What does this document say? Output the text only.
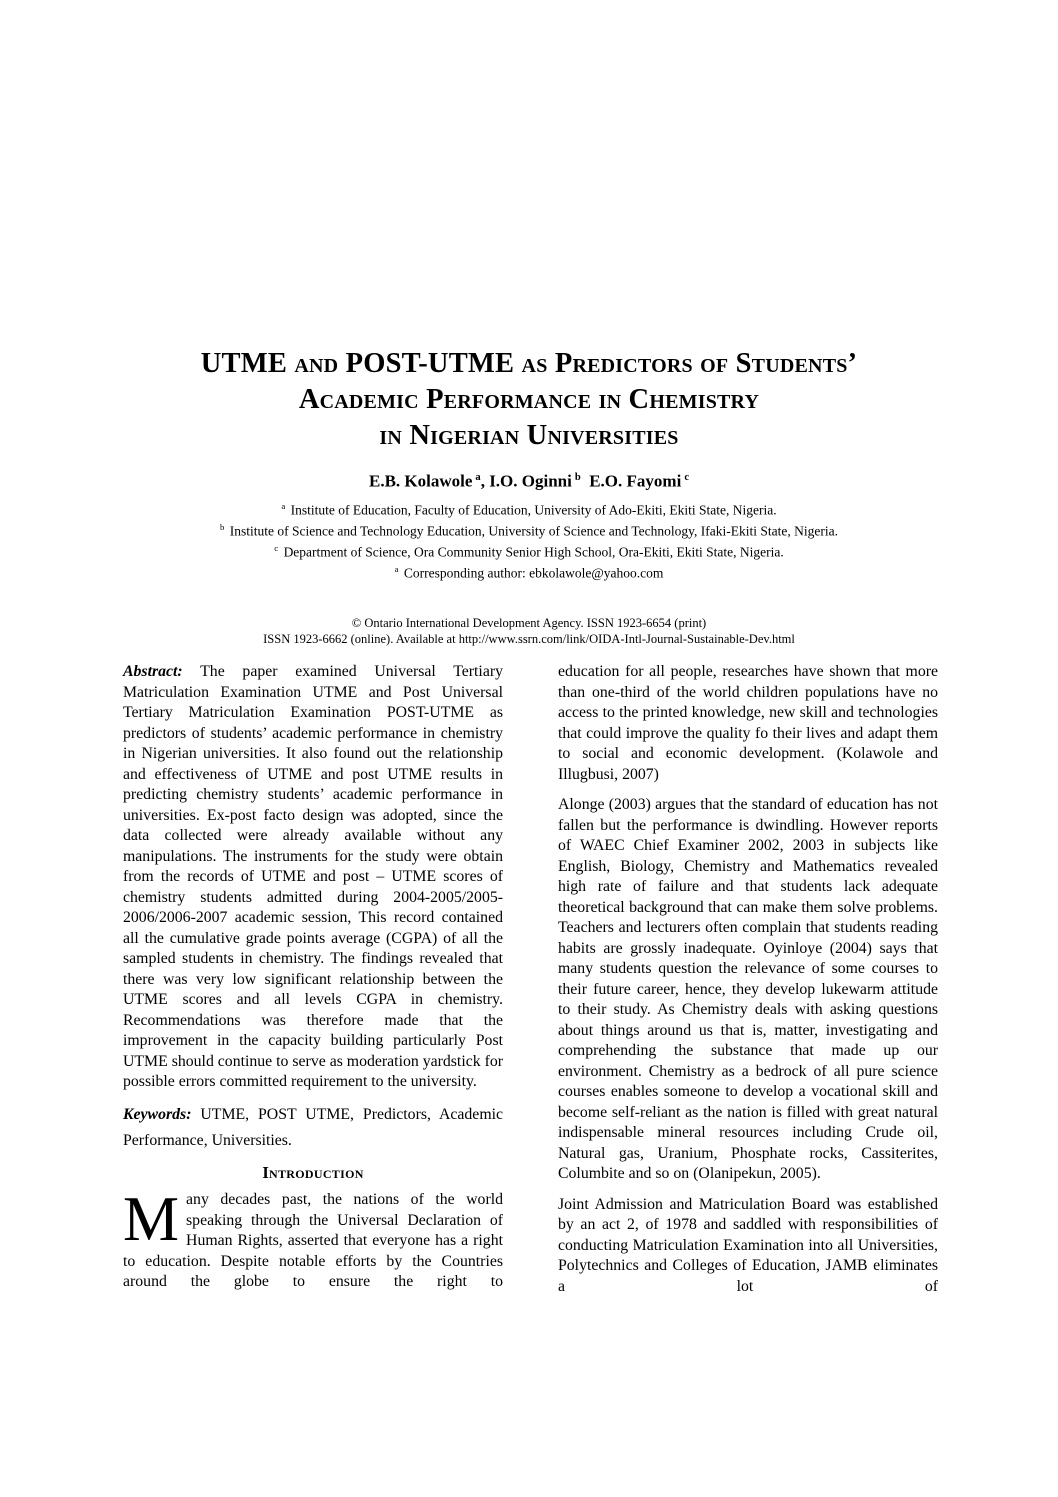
UTME and POST-UTME as Predictors of Students’
Academic Performance in Chemistry
in Nigerian Universities
E.B. Kolawole $^a$, I.O. Oginni $^b$ E.O. Fayomi $^c$
$^a$ Institute of Education, Faculty of Education, University of Ado-Ekiti, Ekiti State, Nigeria.
$^b$ Institute of Science and Technology Education, University of Science and Technology, Ifaki-Ekiti State, Nigeria.
$^c$ Department of Science, Ora Community Senior High School, Ora-Ekiti, Ekiti State, Nigeria.
$^a$ Corresponding author: ebkolawole@yahoo.com
© Ontario International Development Agency. ISSN 1923-6654 (print)
ISSN 1923-6662 (online). Available at http://www.ssrn.com/link/OIDA-Intl-Journal-Sustainable-Dev.html

Abstract: The paper examined Universal Tertiary Matriculation Examination UTME and Post Universal Tertiary Matriculation Examination POST-UTME as predictors of students’ academic performance in chemistry in Nigerian universities. It also found out the relationship and effectiveness of UTME and post UTME results in predicting chemistry students’ academic performance in universities. Ex-post facto design was adopted, since the data collected were already available without any manipulations. The instruments for the study were obtain from the records of UTME and post – UTME scores of chemistry students admitted during 2004-2005/2005-2006/2006-2007 academic session, This record contained all the cumulative grade points average (CGPA) of all the sampled students in chemistry. The findings revealed that there was very low significant relationship between the UTME scores and all levels CGPA in chemistry. Recommendations was therefore made that the improvement in the capacity building particularly Post UTME should continue to serve as moderation yardstick for possible errors committed requirement to the university.

Keywords: UTME, POST UTME, Predictors, Academic Performance, Universities.

Introduction

Many decades past, the nations of the world speaking through the Universal Declaration of Human Rights, asserted that everyone has a right to education. Despite notable efforts by the Countries around the globe to ensure the right to

education for all people, researches have shown that more than one-third of the world children populations have no access to the printed knowledge, new skill and technologies that could improve the quality fo their lives and adapt them to social and economic development. (Kolawole and Illugbusi, 2007)

Alonge (2003) argues that the standard of education has not fallen but the performance is dwindling. However reports of WAEC Chief Examiner 2002, 2003 in subjects like English, Biology, Chemistry and Mathematics revealed high rate of failure and that students lack adequate theoretical background that can make them solve problems. Teachers and lecturers often complain that students reading habits are grossly inadequate. Oyinloye (2004) says that many students question the relevance of some courses to their future career, hence, they develop lukewarm attitude to their study. As Chemistry deals with asking questions about things around us that is, matter, investigating and comprehending the substance that made up our environment. Chemistry as a bedrock of all pure science courses enables someone to develop a vocational skill and become self-reliant as the nation is filled with great natural indispensable mineral resources including Crude oil, Natural gas, Uranium, Phosphate rocks, Cassiterites, Columbite and so on (Olanipekun, 2005).

Joint Admission and Matriculation Board was established by an act 2, of 1978 and saddled with responsibilities of conducting Matriculation Examination into all Universities, Polytechnics and Colleges of Education, JAMB eliminates a lot of
